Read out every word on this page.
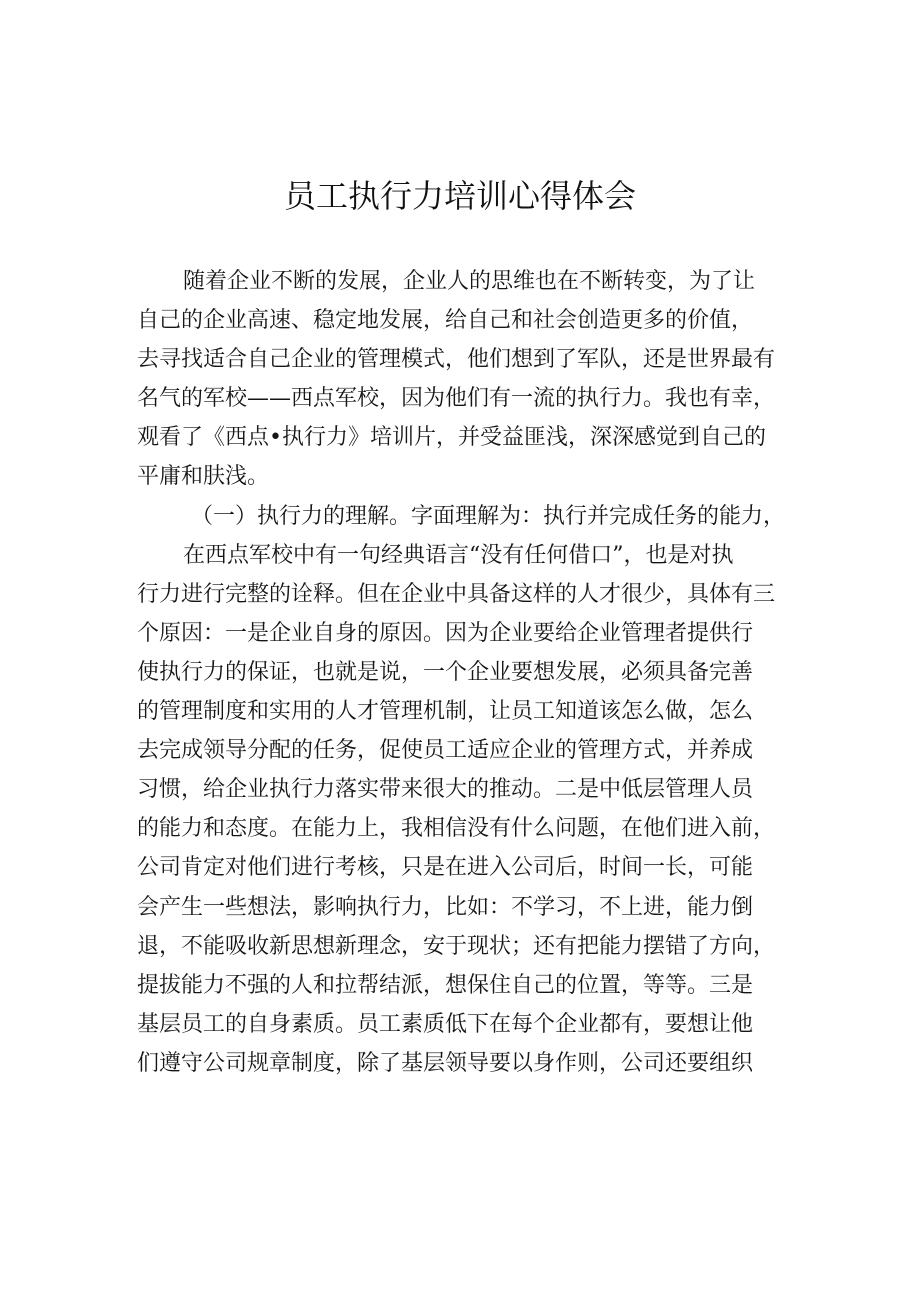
员工执行力培训心得体会
随着企业不断的发展，企业人的思维也在不断转变，为了让
自己的企业高速、稳定地发展，给自己和社会创造更多的价值，
去寻找适合自己企业的管理模式，他们想到了军队，还是世界最有
名气的军校——西点军校，因为他们有一流的执行力。我也有幸，
观看了《西点•执行力》培训片，并受益匪浅，深深感觉到自己的
平庸和肤浅。
（一）执行力的理解。字面理解为：执行并完成任务的能力，
在西点军校中有一句经典语言“没有任何借口”，也是对执
行力进行完整的诠释。但在企业中具备这样的人才很少，具体有三
个原因：一是企业自身的原因。因为企业要给企业管理者提供行
使执行力的保证，也就是说，一个企业要想发展，必须具备完善
的管理制度和实用的人才管理机制，让员工知道该怎么做，怎么
去完成领导分配的任务，促使员工适应企业的管理方式，并养成
习惯，给企业执行力落实带来很大的推动。二是中低层管理人员
的能力和态度。在能力上，我相信没有什么问题，在他们进入前，
公司肯定对他们进行考核，只是在进入公司后，时间一长，可能
会产生一些想法，影响执行力，比如：不学习，不上进，能力倒
退，不能吸收新思想新理念，安于现状；还有把能力摆错了方向，
提拔能力不强的人和拉帮结派，想保住自己的位置，等等。三是
基层员工的自身素质。员工素质低下在每个企业都有，要想让他
们遵守公司规章制度，除了基层领导要以身作则，公司还要组织
